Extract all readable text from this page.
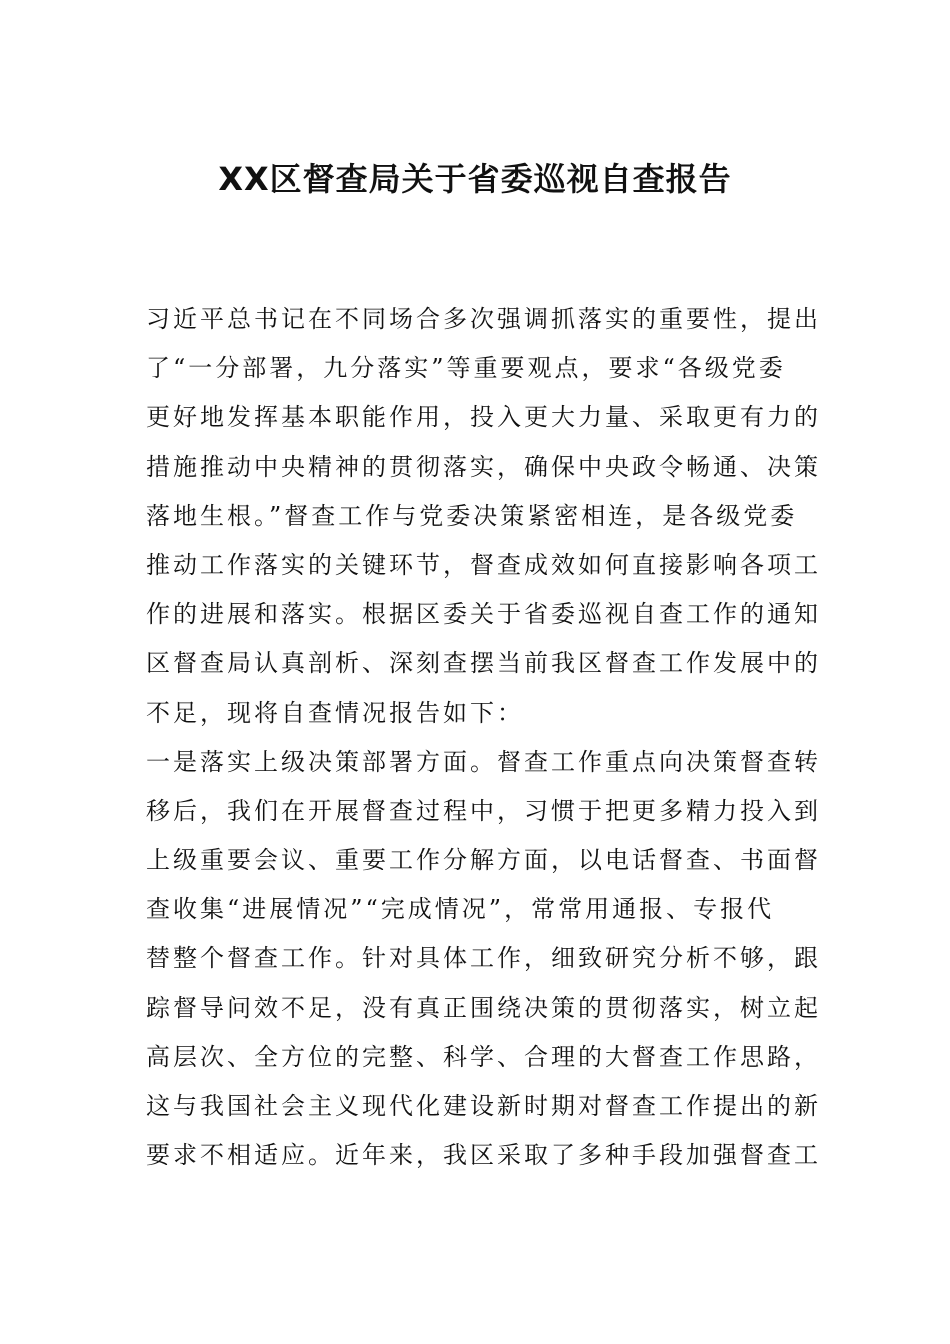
XX区督查局关于省委巡视自查报告
习近平总书记在不同场合多次强调抓落实的重要性，提出
了“一分部署，九分落实”等重要观点，要求“各级党委
更好地发挥基本职能作用，投入更大力量、采取更有力的
措施推动中央精神的贯彻落实，确保中央政令畅通、决策
落地生根。”督查工作与党委决策紧密相连，是各级党委
推动工作落实的关键环节，督查成效如何直接影响各项工
作的进展和落实。根据区委关于省委巡视自查工作的通知
区督查局认真剖析、深刻查摆当前我区督查工作发展中的
不足，现将自查情况报告如下：
一是落实上级决策部署方面。督查工作重点向决策督查转
移后，我们在开展督查过程中，习惯于把更多精力投入到
上级重要会议、重要工作分解方面，以电话督查、书面督
查收集“进展情况”“完成情况”，常常用通报、专报代
替整个督查工作。针对具体工作，细致研究分析不够，跟
踪督导问效不足，没有真正围绕决策的贯彻落实，树立起
高层次、全方位的完整、科学、合理的大督查工作思路，
这与我国社会主义现代化建设新时期对督查工作提出的新
要求不相适应。近年来，我区采取了多种手段加强督查工
